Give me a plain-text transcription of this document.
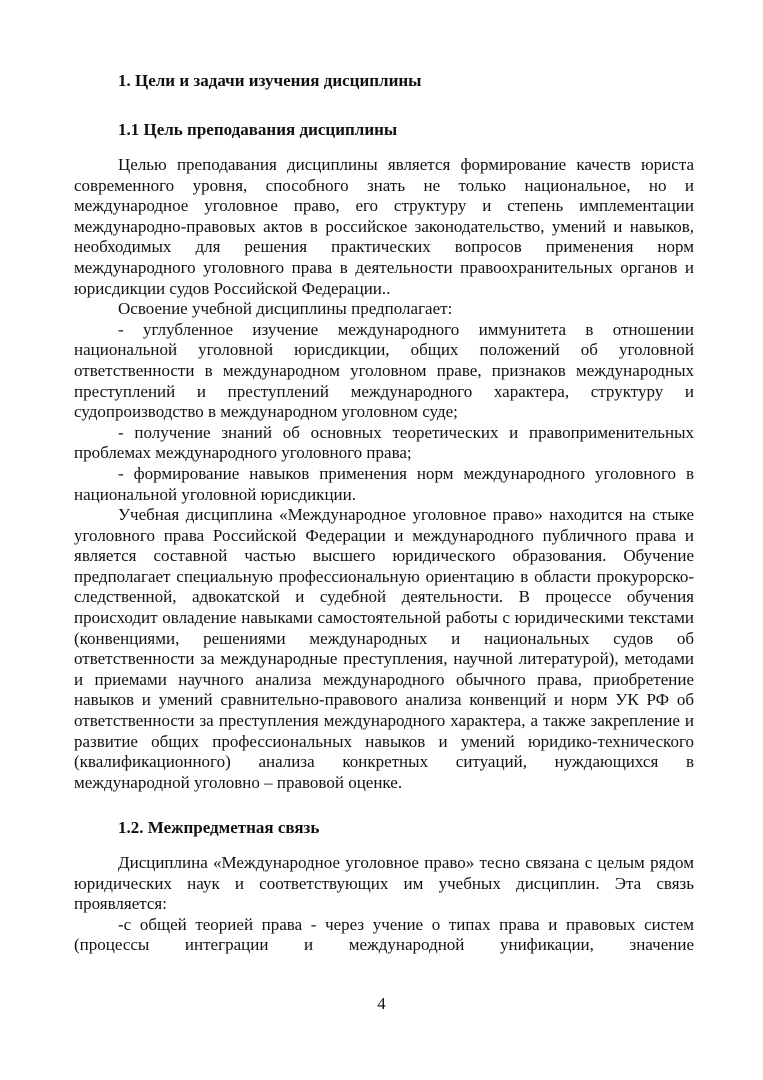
1. Цели и задачи изучения дисциплины
1.1 Цель преподавания дисциплины

Целью преподавания дисциплины является формирование качеств юриста современного уровня, способного знать не только национальное, но и международное уголовное право, его структуру и степень имплементации международно-правовых актов в российское законодательство, умений и навыков, необходимых для решения практических вопросов применения норм международного уголовного права в деятельности правоохранительных органов и юрисдикции судов Российской Федерации..

Освоение учебной дисциплины предполагает:

- углубленное изучение международного иммунитета в отношении национальной уголовной юрисдикции, общих положений об уголовной ответственности в международном уголовном праве, признаков международных преступлений и преступлений международного характера, структуру и судопроизводство в международном уголовном суде;

- получение знаний об основных теоретических и правоприменительных проблемах международного уголовного права;

- формирование навыков применения норм международного уголовного в национальной уголовной юрисдикции.

Учебная дисциплина «Международное уголовное право» находится на стыке уголовного права Российской Федерации и международного публичного права и является составной частью высшего юридического образования. Обучение предполагает специальную профессиональную ориентацию в области прокурорско-следственной, адвокатской и судебной деятельности. В процессе обучения происходит овладение навыками самостоятельной работы с юридическими текстами (конвенциями, решениями международных и национальных судов об ответственности за международные преступления, научной литературой), методами и приемами научного анализа международного обычного права, приобретение навыков и умений сравнительно-правового анализа конвенций и норм УК РФ об ответственности за преступления международного характера, а также закрепление и развитие общих профессиональных навыков и умений юридико-технического (квалификационного) анализа конкретных ситуаций, нуждающихся в международной уголовно – правовой оценке.

1.2. Межпредметная связь

Дисциплина «Международное уголовное право» тесно связана с целым рядом юридических наук и соответствующих им учебных дисциплин. Эта связь проявляется:

-с общей теорией права - через учение о типах права и правовых систем (процессы интеграции и международной унификации, значение

4
